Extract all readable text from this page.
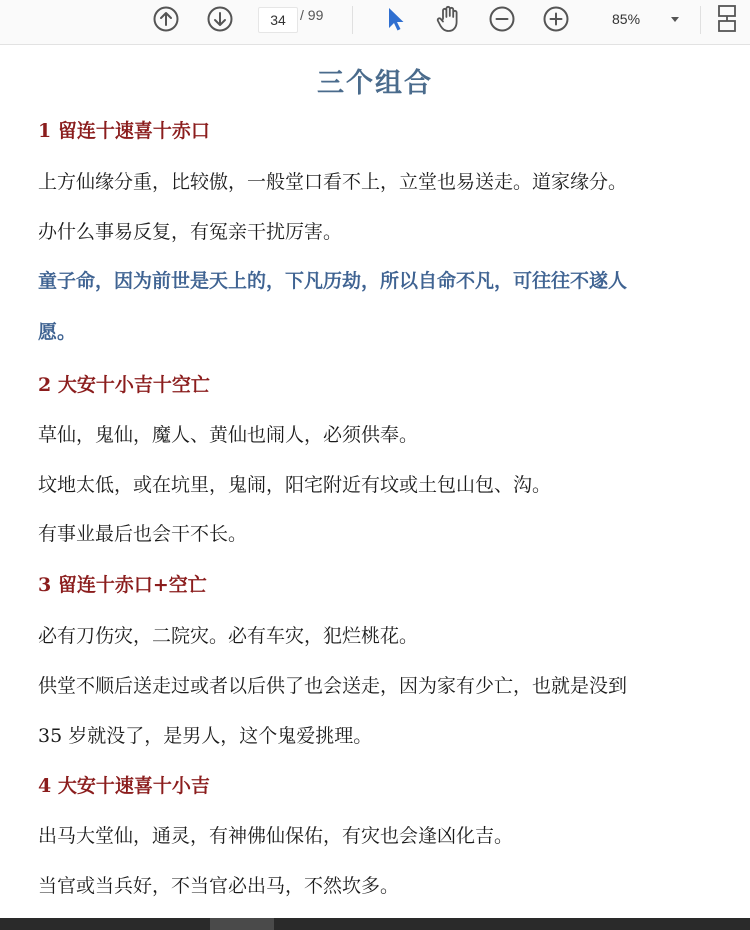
34	/ 99	85%
三个组合
1 留连十速喜十赤口
上方仙缘分重，比较傲，一般堂口看不上，立堂也易送走。道家缘分。
办什么事易反复，有冤亲干扰厉害。
童子命，因为前世是天上的，下凡历劫，所以自命不凡，可往往不遂人
愿。
2 大安十小吉十空亡
草仙，鬼仙，魔人、黄仙也闹人，必须供奉。
坟地太低，或在坑里，鬼闹，阳宅附近有坟或土包山包、沟。
有事业最后也会干不长。
3 留连十赤口+空亡
必有刀伤灾，二院灾。必有车灾，犯烂桃花。
供堂不顺后送走过或者以后供了也会送走，因为家有少亡，也就是没到
35 岁就没了，是男人，这个鬼爱挑理。
4 大安十速喜十小吉
出马大堂仙，通灵，有神佛仙保佑，有灾也会逢凶化吉。
当官或当兵好，不当官必出马，不然坎多。
